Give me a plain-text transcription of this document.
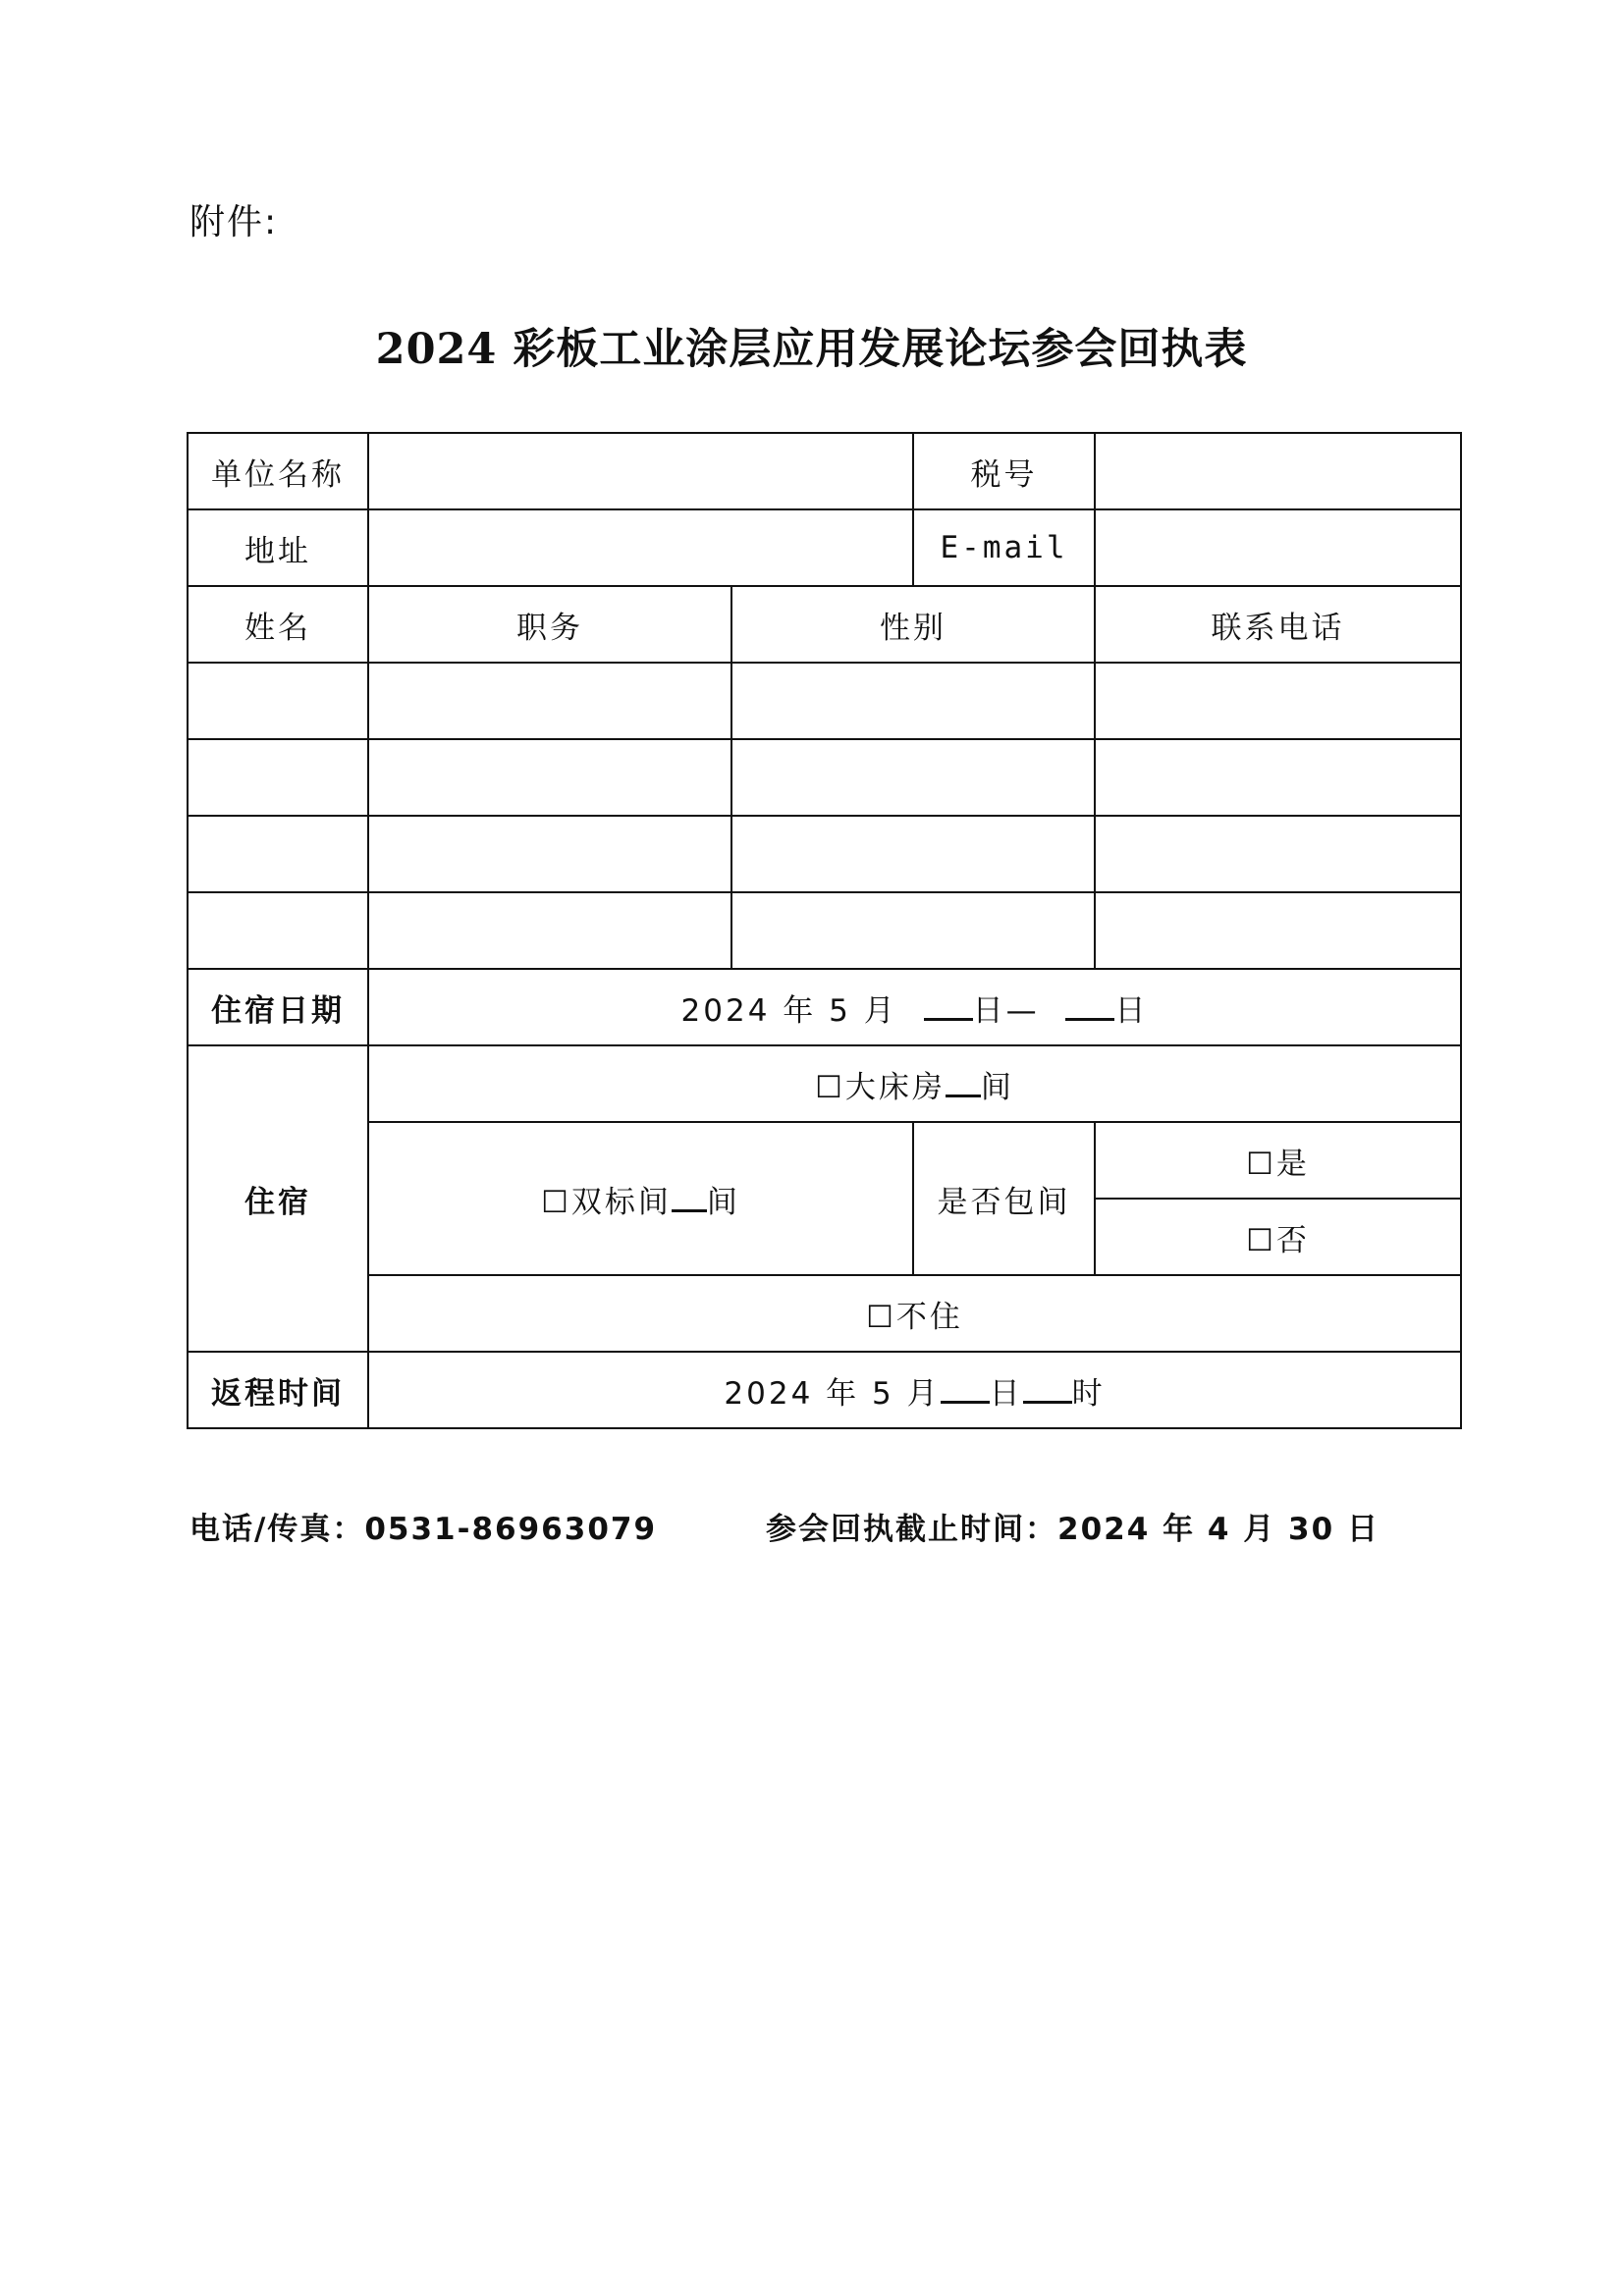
附件:
2024 彩板工业涂层应用发展论坛参会回执表
单位名称			税号	
地址			E-mail	
姓名	职务	性别		联系电话

住宿日期	2024 年 5 月 日— 日			
住宿	☐大床房 间			
	☐双标间 间		是否包间	☐是
				☐否
	☐不住			
返程时间	2024 年 5 月 日 时			
电话/传真：0531-86963079	参会回执截止时间：2024 年 4 月 30 日
